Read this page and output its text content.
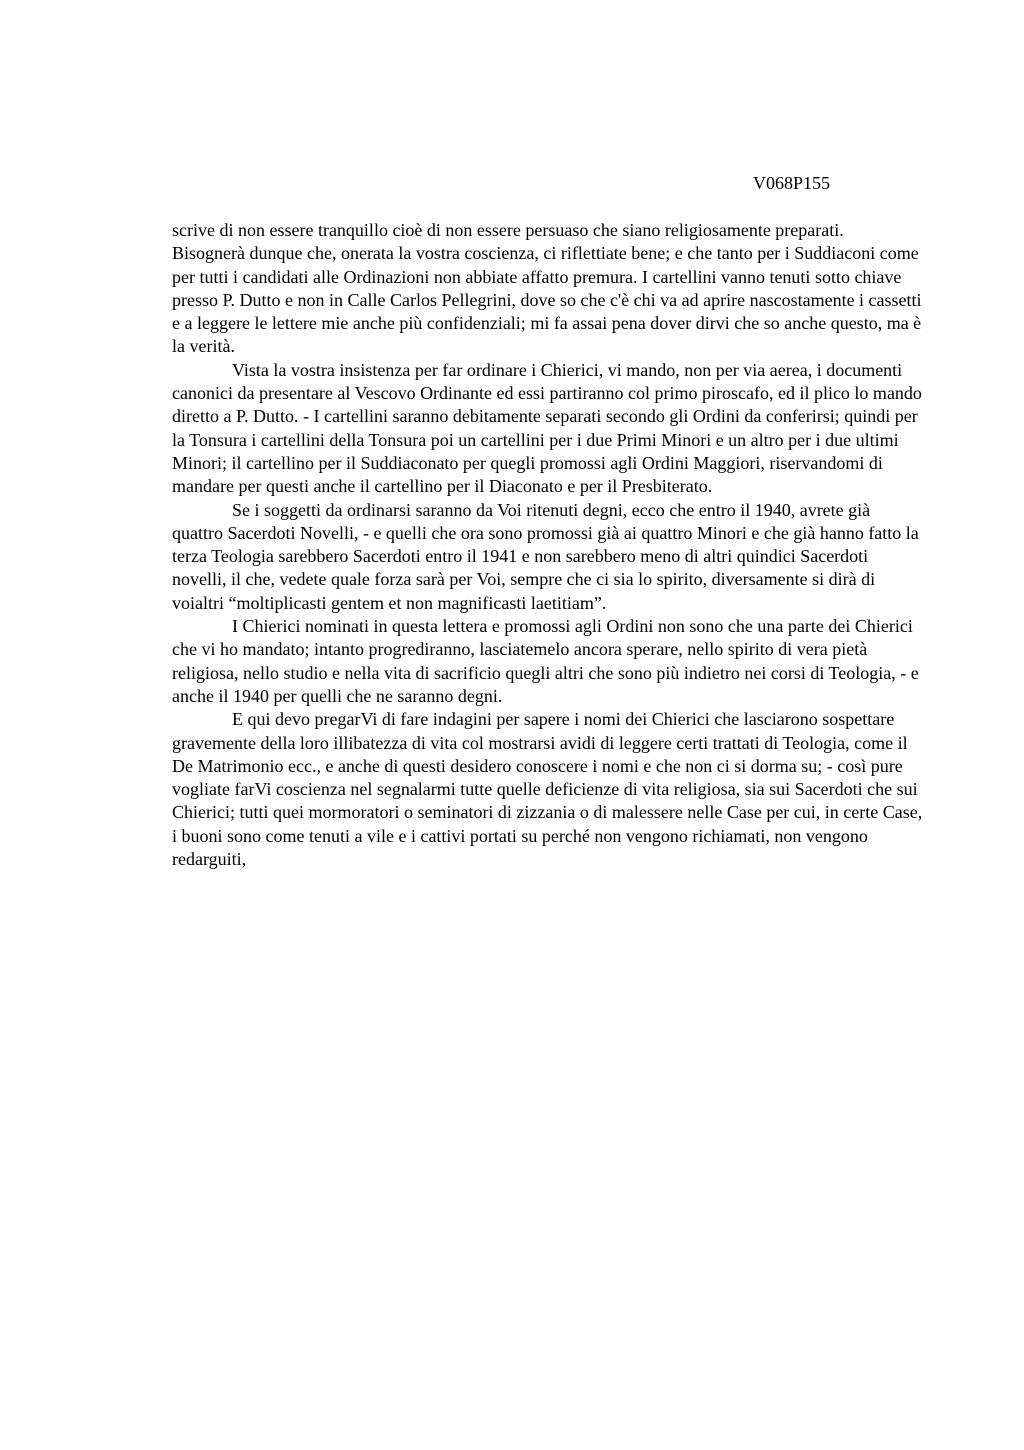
V068P155

scrive di non essere tranquillo cioè di non essere persuaso che siano religiosamente preparati.

Bisognerà dunque che, onerata la vostra coscienza, ci riflettiate bene; e che tanto per i Suddiaconi come per tutti i candidati alle Ordinazioni non abbiate affatto premura. I cartellini vanno tenuti sotto chiave presso P. Dutto e non in Calle Carlos Pellegrini, dove so che c'è chi va ad aprire nascostamente i cassetti e a leggere le lettere mie anche più confidenziali; mi fa assai pena dover dirvi che so anche questo, ma è la verità.

Vista la vostra insistenza per far ordinare i Chierici, vi mando, non per via aerea, i documenti canonici da presentare al Vescovo Ordinante ed essi partiranno col primo piroscafo, ed il plico lo mando diretto a P. Dutto. - I cartellini saranno debitamente separati secondo gli Ordini da conferirsi; quindi per la Tonsura i cartellini della Tonsura poi un cartellini per i due Primi Minori e un altro per i due ultimi Minori; il cartellino per il Suddiaconato per quegli promossi agli Ordini Maggiori, riservandomi di mandare per questi anche il cartellino per il Diaconato e per il Presbiterato.

Se i soggetti da ordinarsi saranno da Voi ritenuti degni, ecco che entro il 1940, avrete già quattro Sacerdoti Novelli, - e quelli che ora sono promossi già ai quattro Minori e che già hanno fatto la terza Teologia sarebbero Sacerdoti entro il 1941 e non sarebbero meno di altri quindici Sacerdoti novelli, il che, vedete quale forza sarà per Voi, sempre che ci sia lo spirito, diversamente si dirà di voialtri “moltiplicasti gentem et non magnificasti laetitiam”.

I Chierici nominati in questa lettera e promossi agli Ordini non sono che una parte dei Chierici che vi ho mandato; intanto progrediranno, lasciatemelo ancora sperare, nello spirito di vera pietà religiosa, nello studio e nella vita di sacrificio quegli altri che sono più indietro nei corsi di Teologia, - e anche il 1940 per quelli che ne saranno degni.

E qui devo pregarVi di fare indagini per sapere i nomi dei Chierici che lasciarono sospettare gravemente della loro illibatezza di vita col mostrarsi avidi di leggere certi trattati di Teologia, come il De Matrimonio ecc., e anche di questi desidero conoscere i nomi e che non ci si dorma su; - così pure vogliate farVi coscienza nel segnalarmi tutte quelle deficienze di vita religiosa, sia sui Sacerdoti che sui Chierici; tutti quei mormoratori o seminatori di zizzania o di malessere nelle Case per cui, in certe Case, i buoni sono come tenuti a vile e i cattivi portati su perché non vengono richiamati, non vengono redarguiti,
